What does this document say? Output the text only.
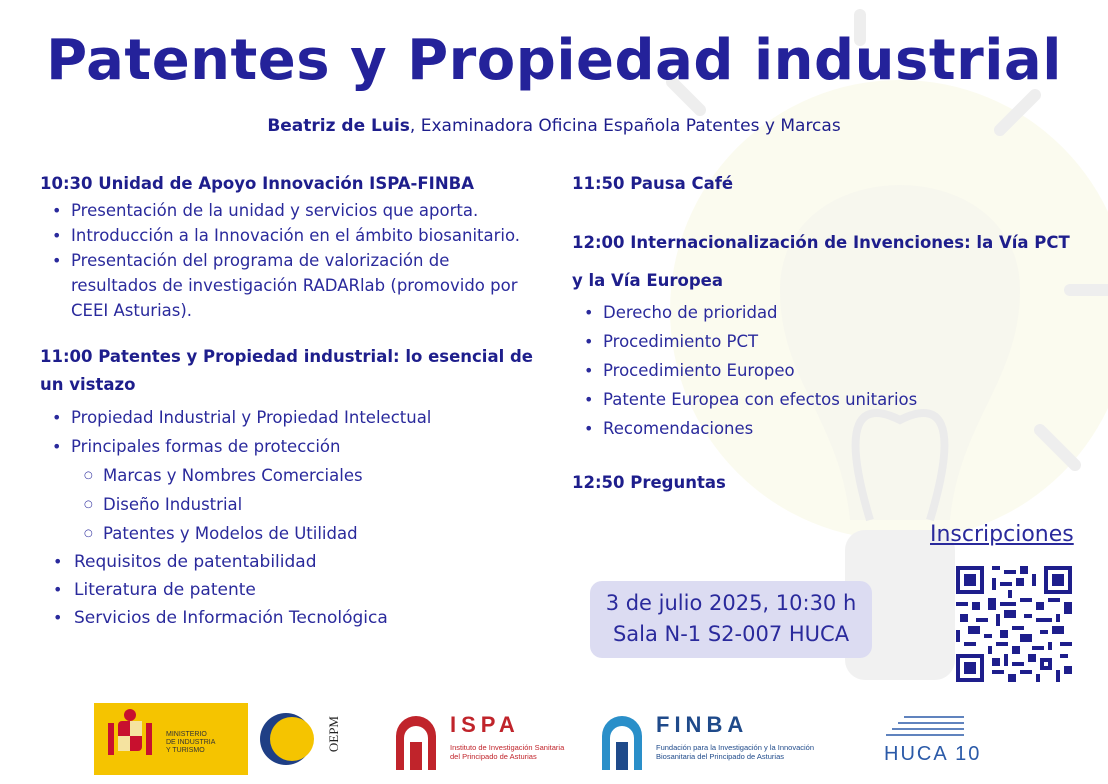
Patentes y Propiedad industrial
Beatriz de Luis, Examinadora Oficina Española Patentes y Marcas

10:30 Unidad de Apoyo Innovación ISPA-FINBA

• Presentación de la unidad y servicios que aporta.
• Introducción a la Innovación en el ámbito biosanitario.
• Presentación del programa de valorización de resultados de investigación RADARlab (promovido por CEEI Asturias).

11:00 Patentes y Propiedad industrial: lo esencial de un vistazo

• Propiedad Industrial y Propiedad Intelectual
• Principales formas de protección
○ Marcas y Nombres Comerciales
○ Diseño Industrial
○ Patentes y Modelos de Utilidad
• Requisitos de patentabilidad
• Literatura de patente
• Servicios de Información Tecnológica

11:50 Pausa Café

12:00 Internacionalización de Invenciones: la Vía PCT y la Vía Europea

• Derecho de prioridad
• Procedimiento PCT
• Procedimiento Europeo
• Patente Europea con efectos unitarios
• Recomendaciones

12:50 Preguntas

Inscripciones
3 de julio 2025, 10:30 h
Sala N-1 S2-007 HUCA
MINISTERIO
DE INDUSTRIA
Y TURISMO	OEPM	ISPA
Instituto de Investigación Sanitaria
del Principado de Asturias
FINBA
Fundación para la Investigación y la Innovación
Biosanitaria del Principado de Asturias	HUCA 10
